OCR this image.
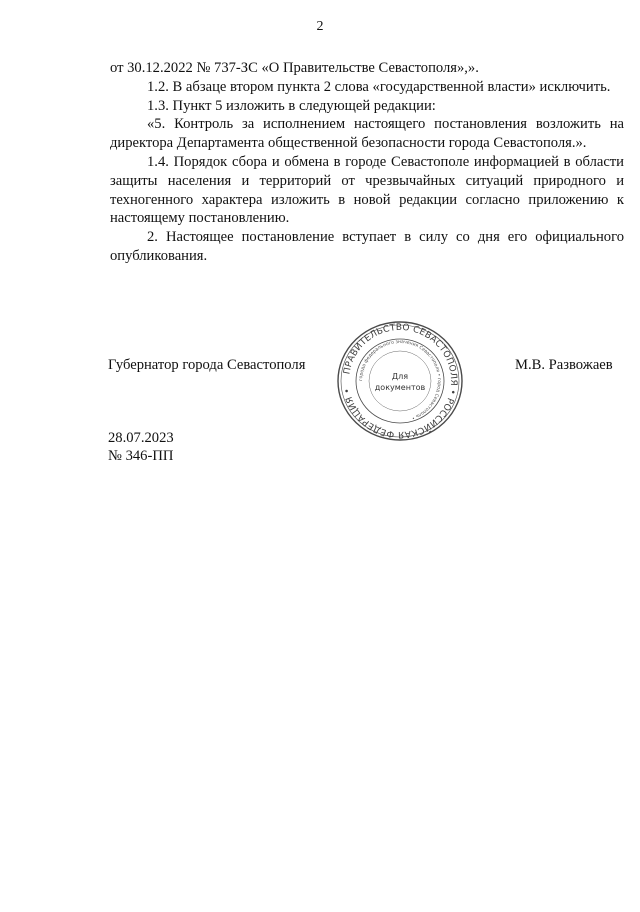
2

от 30.12.2022 № 737-ЗС «О Правительстве Севастополя»,».

1.2. В абзаце втором пункта 2 слова «государственной власти» исключить.

1.3. Пункт 5 изложить в следующей редакции:

«5. Контроль за исполнением настоящего постановления возложить на директора Департамента общественной безопасности города Севастополя.».

1.4. Порядок сбора и обмена в городе Севастополе информацией в области защиты населения и территорий от чрезвычайных ситуаций природного и техногенного характера изложить в новой редакции согласно приложению к настоящему постановлению.

2. Настоящее постановление вступает в силу со дня его официального опубликования.

Губернатор города Севастополя	ПРАВИТЕЛЬСТВО СЕВАСТОПОЛЯ • РОССИЙСКАЯ ФЕДЕРАЦИЯ •
города федерального значения Севастополя • город Севастополь •
Для
документов
М.В. Развожаев
28.07.2023
№ 346-ПП
